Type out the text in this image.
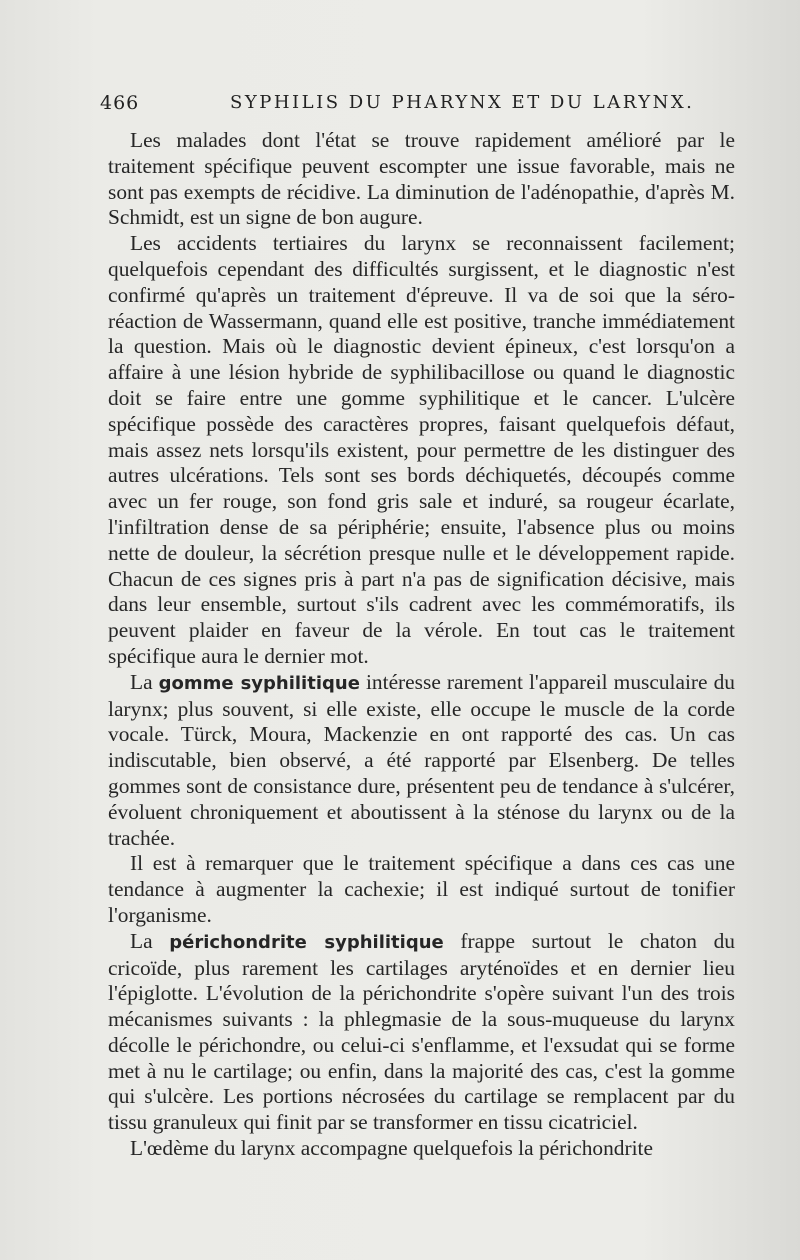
466	SYPHILIS DU PHARYNX ET DU LARYNX.

Les malades dont l'état se trouve rapidement amélioré par le traitement spécifique peuvent escompter une issue favorable, mais ne sont pas exempts de récidive. La diminution de l'adénopathie, d'après M. Schmidt, est un signe de bon augure.

Les accidents tertiaires du larynx se reconnaissent facilement; quelquefois cependant des difficultés surgissent, et le diagnostic n'est confirmé qu'après un traitement d'épreuve. Il va de soi que la séro-réaction de Wassermann, quand elle est positive, tranche immédiatement la question. Mais où le diagnostic devient épineux, c'est lorsqu'on a affaire à une lésion hybride de syphilibacillose ou quand le diagnostic doit se faire entre une gomme syphilitique et le cancer. L'ulcère spécifique possède des caractères propres, faisant quelquefois défaut, mais assez nets lorsqu'ils existent, pour permettre de les distinguer des autres ulcérations. Tels sont ses bords déchiquetés, découpés comme avec un fer rouge, son fond gris sale et induré, sa rougeur écarlate, l'infiltration dense de sa périphérie; ensuite, l'absence plus ou moins nette de douleur, la sécrétion presque nulle et le développement rapide. Chacun de ces signes pris à part n'a pas de signification décisive, mais dans leur ensemble, surtout s'ils cadrent avec les commémoratifs, ils peuvent plaider en faveur de la vérole. En tout cas le traitement spécifique aura le dernier mot.

La gomme syphilitique intéresse rarement l'appareil musculaire du larynx; plus souvent, si elle existe, elle occupe le muscle de la corde vocale. Türck, Moura, Mackenzie en ont rapporté des cas. Un cas indiscutable, bien observé, a été rapporté par Elsenberg. De telles gommes sont de consistance dure, présentent peu de tendance à s'ulcérer, évoluent chroniquement et aboutissent à la sténose du larynx ou de la trachée.

Il est à remarquer que le traitement spécifique a dans ces cas une tendance à augmenter la cachexie; il est indiqué surtout de tonifier l'organisme.

La périchondrite syphilitique frappe surtout le chaton du cricoïde, plus rarement les cartilages aryténoïdes et en dernier lieu l'épiglotte. L'évolution de la périchondrite s'opère suivant l'un des trois mécanismes suivants : la phlegmasie de la sous-muqueuse du larynx décolle le périchondre, ou celui-ci s'enflamme, et l'exsudat qui se forme met à nu le cartilage; ou enfin, dans la majorité des cas, c'est la gomme qui s'ulcère. Les portions nécrosées du cartilage se remplacent par du tissu granuleux qui finit par se transformer en tissu cicatriciel.

L'œdème du larynx accompagne quelquefois la périchondrite
